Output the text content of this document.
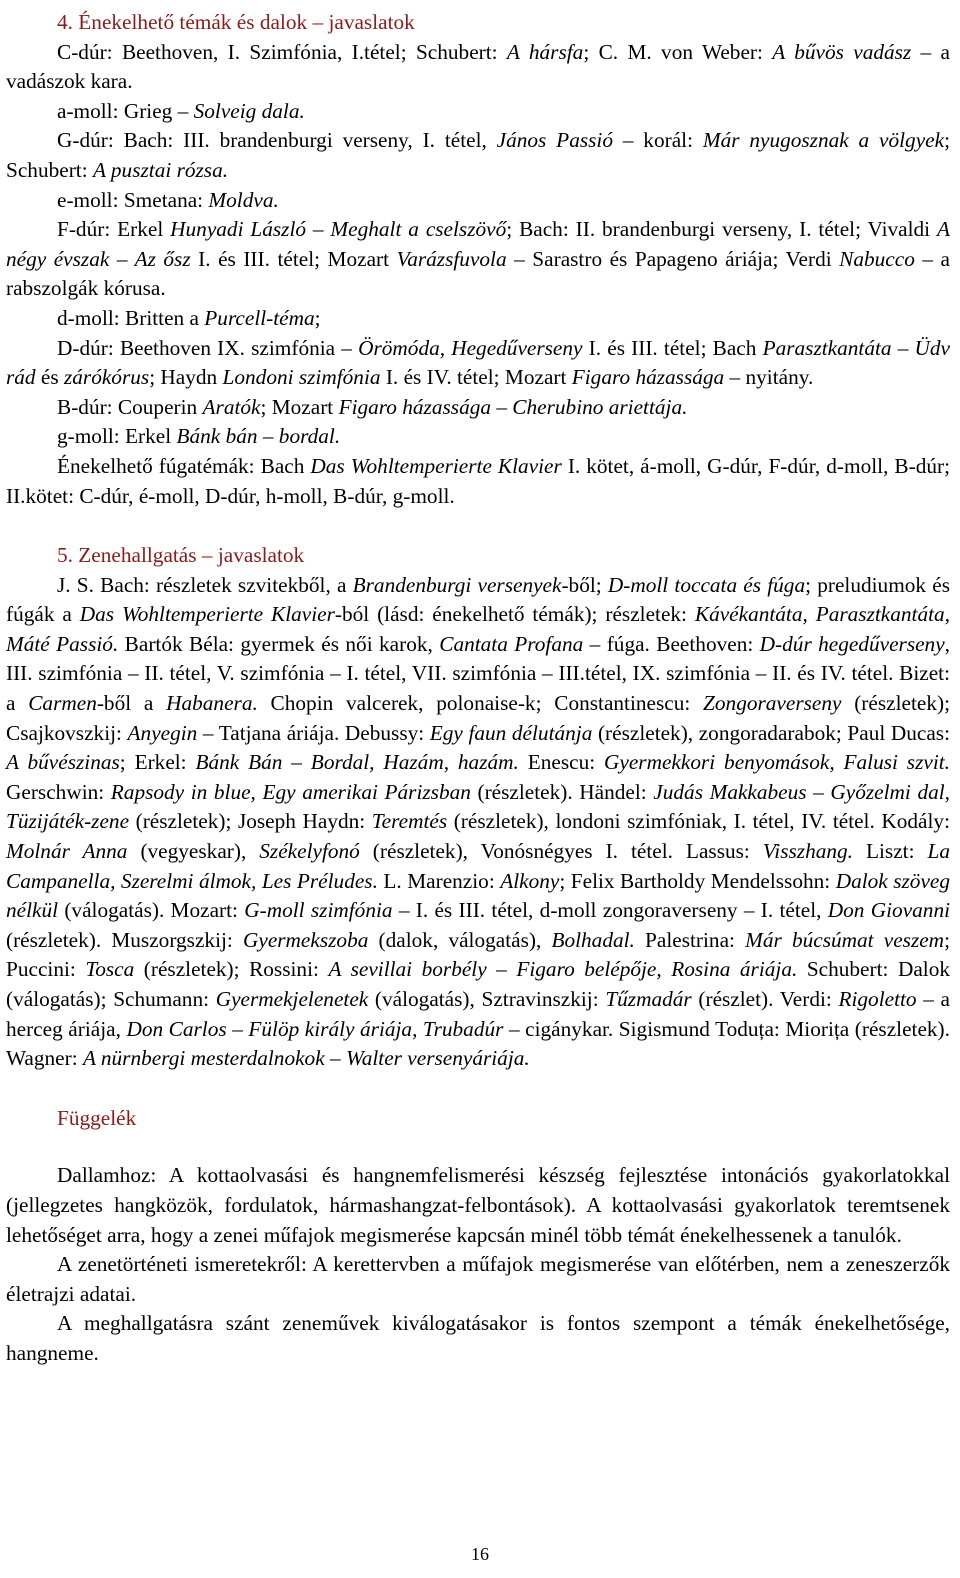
4. Énekelhető témák és dalok – javaslatok

C-dúr: Beethoven, I. Szimfónia, I.tétel; Schubert: A hársfa; C. M. von Weber: A bűvös vadász – a vadászok kara.

a-moll: Grieg – Solveig dala.

G-dúr: Bach: III. brandenburgi verseny, I. tétel, János Passió – korál: Már nyugosznak a völgyek; Schubert: A pusztai rózsa.

e-moll: Smetana: Moldva.

F-dúr: Erkel Hunyadi László – Meghalt a cselszövő; Bach: II. brandenburgi verseny, I. tétel; Vivaldi A négy évszak – Az ősz I. és III. tétel; Mozart Varázsfuvola – Sarastro és Papageno áriája; Verdi Nabucco – a rabszolgák kórusa.

d-moll: Britten a Purcell-téma;

D-dúr: Beethoven IX. szimfónia – Örömóda, Hegedűverseny I. és III. tétel; Bach Parasztkantáta – Üdv rád és zárókórus; Haydn Londoni szimfónia I. és IV. tétel; Mozart Figaro házassága – nyitány.

B-dúr: Couperin Aratók; Mozart Figaro házassága – Cherubino ariettája.

g-moll: Erkel Bánk bán – bordal.

Énekelhető fúgatémák: Bach Das Wohltemperierte Klavier I. kötet, á-moll, G-dúr, F-dúr, d-moll, B-dúr; II.kötet: C-dúr, é-moll, D-dúr, h-moll, B-dúr, g-moll.

5. Zenehallgatás – javaslatok

J. S. Bach: részletek szvitekből, a Brandenburgi versenyek-ből; D-moll toccata és fúga; preludiumok és fúgák a Das Wohltemperierte Klavier-ból (lásd: énekelhető témák); részletek: Kávékantáta, Parasztkantáta, Máté Passió. Bartók Béla: gyermek és női karok, Cantata Profana – fúga. Beethoven: D-dúr hegedűverseny, III. szimfónia – II. tétel, V. szimfónia – I. tétel, VII. szimfónia – III.tétel, IX. szimfónia – II. és IV. tétel. Bizet: a Carmen-ből a Habanera. Chopin valcerek, polonaise-k; Constantinescu: Zongoraverseny (részletek); Csajkovszkij: Anyegin – Tatjana áriája. Debussy: Egy faun délutánja (részletek), zongoradarabok; Paul Ducas: A bűvészinas; Erkel: Bánk Bán – Bordal, Hazám, hazám. Enescu: Gyermekkori benyomások, Falusi szvit. Gerschwin: Rapsody in blue, Egy amerikai Párizsban (részletek). Händel: Judás Makkabeus – Győzelmi dal, Tüzijáték-zene (részletek); Joseph Haydn: Teremtés (részletek), londoni szimfóniak, I. tétel, IV. tétel. Kodály: Molnár Anna (vegyeskar), Székelyfonó (részletek), Vonósnégyes I. tétel. Lassus: Visszhang. Liszt: La Campanella, Szerelmi álmok, Les Préludes. L. Marenzio: Alkony; Felix Bartholdy Mendelssohn: Dalok szöveg nélkül (válogatás). Mozart: G-moll szimfónia – I. és III. tétel, d-moll zongoraverseny – I. tétel, Don Giovanni (részletek). Muszorgszkij: Gyermekszoba (dalok, válogatás), Bolhadal. Palestrina: Már búcsúmat veszem; Puccini: Tosca (részletek); Rossini: A sevillai borbély – Figaro belépője, Rosina áriája. Schubert: Dalok (válogatás); Schumann: Gyermekjelenetek (válogatás), Sztravinszkij: Tűzmadár (részlet). Verdi: Rigoletto – a herceg áriája, Don Carlos – Fülöp király áriája, Trubadúr – cigánykar. Sigismund Toduța: Miorița (részletek). Wagner: A nürnbergi mesterdalnokok – Walter versenyáriája.

Függelék

Dallamhoz: A kottaolvasási és hangnemfelismerési készség fejlesztése intonációs gyakorlatokkal (jellegzetes hangközök, fordulatok, hármashangzat-felbontások). A kottaolvasási gyakorlatok teremtsenek lehetőséget arra, hogy a zenei műfajok megismerése kapcsán minél több témát énekelhessenek a tanulók.

A zenetörténeti ismeretekről: A kerettervben a műfajok megismerése van előtérben, nem a zeneszerzők életrajzi adatai.

A meghallgatásra szánt zeneművek kiválogatásakor is fontos szempont a témák énekelhetősége, hangneme.

16
